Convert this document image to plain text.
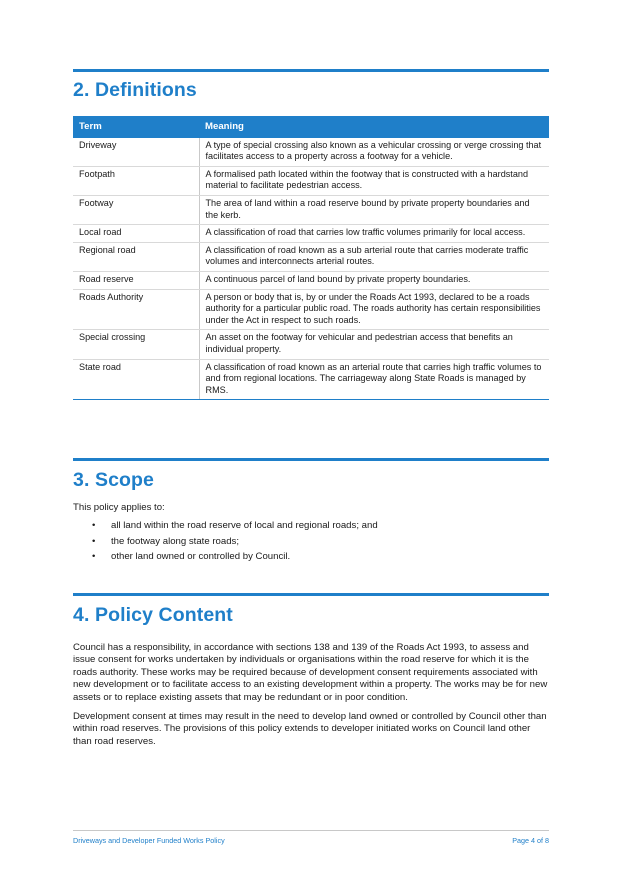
2. Definitions
Term	Meaning
Driveway	A type of special crossing also known as a vehicular crossing or verge crossing that facilitates access to a property across a footway for a vehicle.
Footpath	A formalised path located within the footway that is constructed with a hardstand material to facilitate pedestrian access.
Footway	The area of land within a road reserve bound by private property boundaries and the kerb.
Local road	A classification of road that carries low traffic volumes primarily for local access.
Regional road	A classification of road known as a sub arterial route that carries moderate traffic volumes and interconnects arterial routes.
Road reserve	A continuous parcel of land bound by private property boundaries.
Roads Authority	A person or body that is, by or under the Roads Act 1993, declared to be a roads authority for a particular public road. The roads authority has certain responsibilities under the Act in respect to such roads.
Special crossing	An asset on the footway for vehicular and pedestrian access that benefits an individual property.
State road	A classification of road known as an arterial route that carries high traffic volumes to and from regional locations. The carriageway along State Roads is managed by RMS.
3. Scope

This policy applies to:

• all land within the road reserve of local and regional roads; and
• the footway along state roads;
• other land owned or controlled by Council.
4. Policy Content

Council has a responsibility, in accordance with sections 138 and 139 of the Roads Act 1993, to assess and issue consent for works undertaken by individuals or organisations within the road reserve for which it is the roads authority. These works may be required because of development consent requirements associated with new development or to facilitate access to an existing development within a property. The works may be for new assets or to replace existing assets that may be redundant or in poor condition.

Development consent at times may result in the need to develop land owned or controlled by Council other than within road reserves. The provisions of this policy extends to developer initiated works on Council land other than road reserves.

Driveways and Developer Funded Works Policy	Page 4 of 8
